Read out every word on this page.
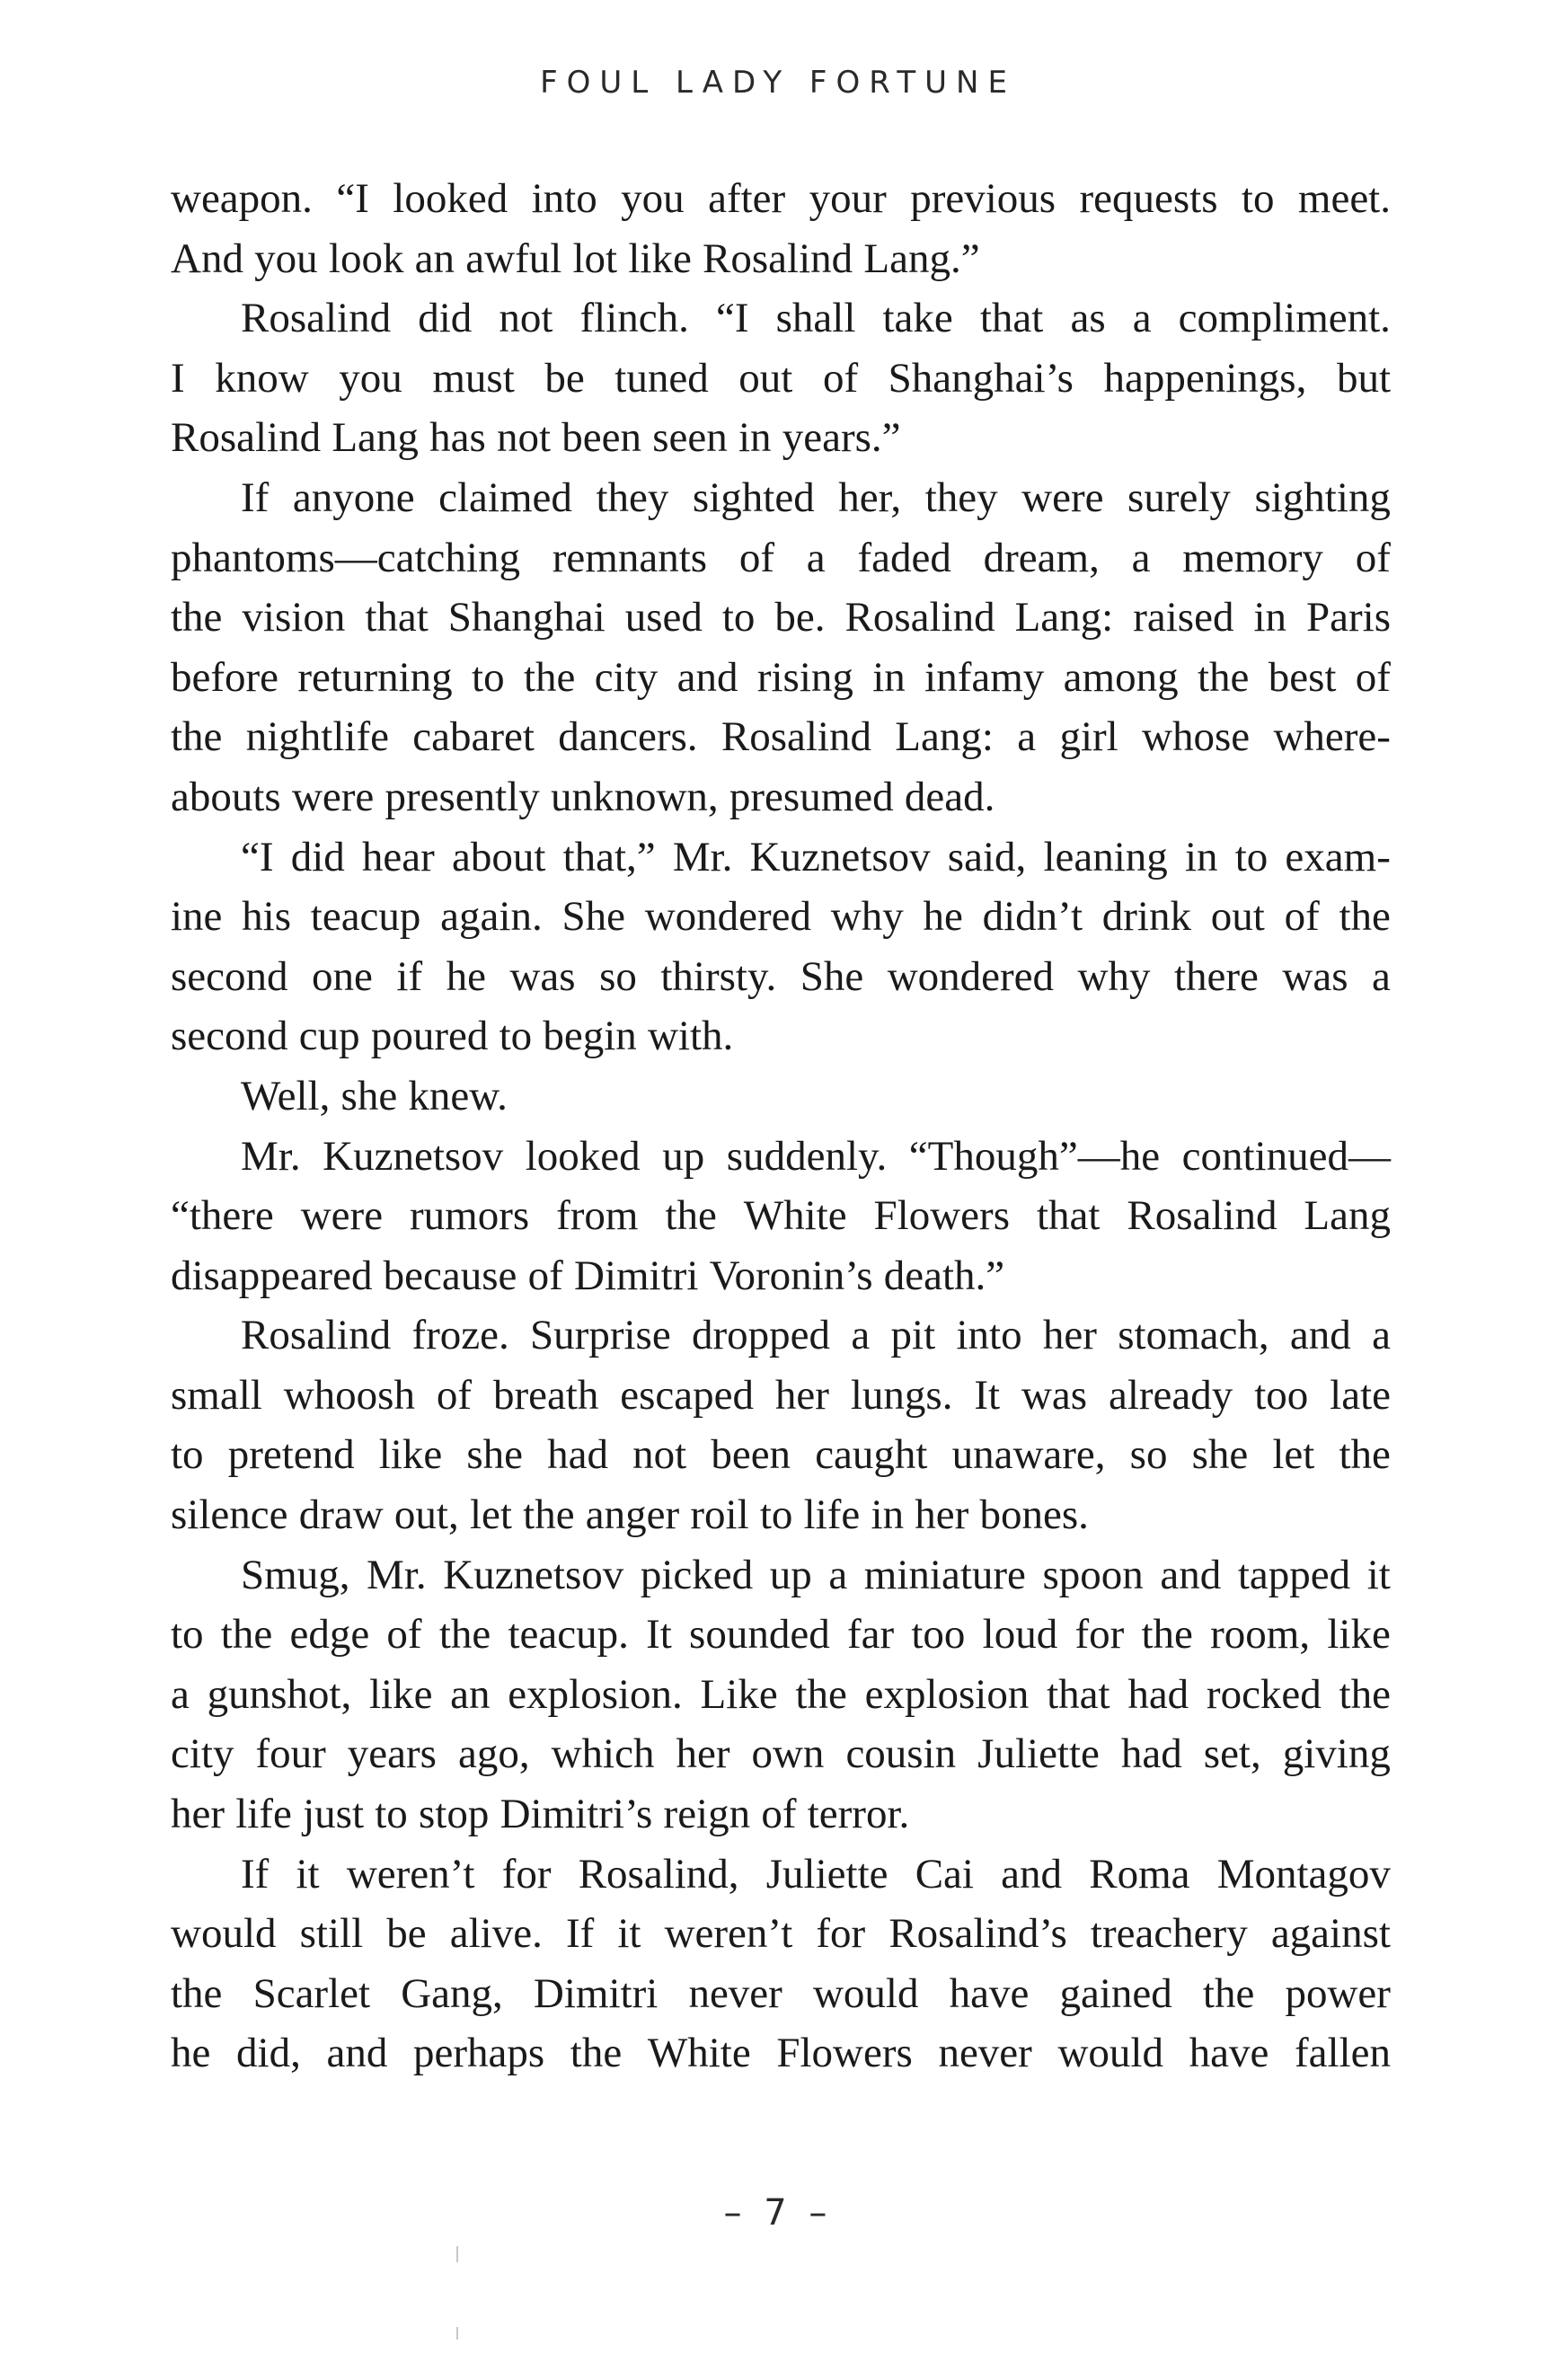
FOUL LADY FORTUNE
weapon. “I looked into you after your previous requests to meet.
And you look an awful lot like Rosalind Lang.”
Rosalind did not flinch. “I shall take that as a compliment.
I know you must be tuned out of Shanghai’s happenings, but
Rosalind Lang has not been seen in years.”
If anyone claimed they sighted her, they were surely sighting
phantoms—catching remnants of a faded dream, a memory of
the vision that Shanghai used to be. Rosalind Lang: raised in Paris
before returning to the city and rising in infamy among the best of
the nightlife cabaret dancers. Rosalind Lang: a girl whose where-
abouts were presently unknown, presumed dead.
“I did hear about that,” Mr. Kuznetsov said, leaning in to exam-
ine his teacup again. She wondered why he didn’t drink out of the
second one if he was so thirsty. She wondered why there was a
second cup poured to begin with.
Well, she knew.
Mr. Kuznetsov looked up suddenly. “Though”—he continued—
“there were rumors from the White Flowers that Rosalind Lang
disappeared because of Dimitri Voronin’s death.”
Rosalind froze. Surprise dropped a pit into her stomach, and a
small whoosh of breath escaped her lungs. It was already too late
to pretend like she had not been caught unaware, so she let the
silence draw out, let the anger roil to life in her bones.
Smug, Mr. Kuznetsov picked up a miniature spoon and tapped it
to the edge of the teacup. It sounded far too loud for the room, like
a gunshot, like an explosion. Like the explosion that had rocked the
city four years ago, which her own cousin Juliette had set, giving
her life just to stop Dimitri’s reign of terror.
If it weren’t for Rosalind, Juliette Cai and Roma Montagov
would still be alive. If it weren’t for Rosalind’s treachery against
the Scarlet Gang, Dimitri never would have gained the power
he did, and perhaps the White Flowers never would have fallen
– 7 –
